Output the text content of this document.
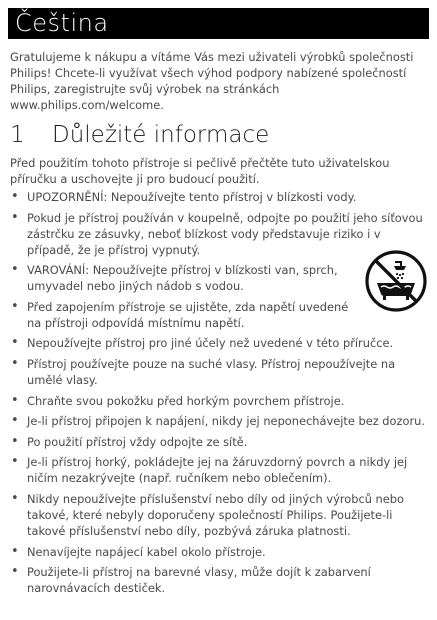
Čeština

Gratulujeme k nákupu a vítáme Vás mezi uživateli výrobků společnosti Philips! Chcete-li využívat všech výhod podpory nabízené společností Philips, zaregistrujte svůj výrobek na stránkách

www.philips.com/welcome.

1 Důležité informace
Před použitím tohoto přístroje si pečlivě přečtěte tuto uživatelskou příručku a uschovejte ji pro budoucí použití.
• UPOZORNĚNÍ: Nepoužívejte tento přístroj v blízkosti vody.
• Pokud je přístroj používán v koupelně, odpojte po použití jeho síťovou zástrčku ze zásuvky, neboť blízkost vody představuje riziko i v případě, že je přístroj vypnutý.
• VAROVÁNÍ: Nepoužívejte přístroj v blízkosti van, sprch, umyvadel nebo jiných nádob s vodou.
• Před zapojením přístroje se ujistěte, zda napětí uvedené na přístroji odpovídá místnímu napětí.
• Nepoužívejte přístroj pro jiné účely než uvedené v této příručce.
• Přístroj používejte pouze na suché vlasy. Přístroj nepoužívejte na umělé vlasy.
• Chraňte svou pokožku před horkým povrchem přístroje.
• Je-li přístroj připojen k napájení, nikdy jej neponechávejte bez dozoru.
• Po použití přístroj vždy odpojte ze sítě.
• Je-li přístroj horký, pokládejte jej na žáruvzdorný povrch a nikdy jej ničím nezakrývejte (např. ručníkem nebo oblečením).
• Nikdy nepoužívejte příslušenství nebo díly od jiných výrobců nebo takové, které nebyly doporučeny společností Philips. Použijete-li takové příslušenství nebo díly, pozbývá záruka platnosti.
• Nenavíjejte napájecí kabel okolo přístroje.
• Použijete-li přístroj na barevné vlasy, může dojít k zabarvení narovnávacích destiček.
